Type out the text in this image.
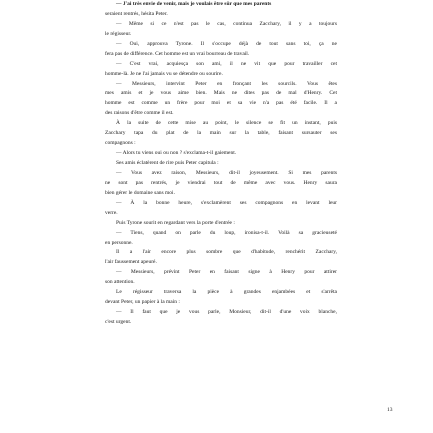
— J'ai très envie de venir, mais je voulais être sûr que mes parents
seraient rentrés, hésita Peter.
— Même si ce n'est pas le cas, continua Zacchary, il y a toujours
le régisseur.
— Oui, approuva Tyrone. Il s'occupe déjà de tout sans toi, ça ne
fera pas de différence. Cet homme est un vrai bourreau de travail.
— C'est vrai, acquiesça son ami, il ne vit que pour travailler cet
homme-là. Je ne l'ai jamais vu se détendre ou sourire.
— Messieurs, intervint Peter en fronçant les sourcils. Vous êtes
mes amis et je vous aime bien. Mais ne dites pas de mal d'Henry. Cet
homme est comme un frère pour moi et sa vie n'a pas été facile. Il a
des raisons d'être comme il est.
À la suite de cette mise au point, le silence se fit un instant, puis
Zacchary tapa du plat de la main sur la table, faisant sursauter ses
compagnons :
— Alors tu viens oui ou non ? s'exclama-t-il gaiement.
Ses amis éclatèrent de rire puis Peter capitula :
— Vous avez raison, Messieurs, dit-il joyeusement. Si mes parents
ne sont pas rentrés, je viendrai tout de même avec vous. Henry saura
bien gérer le domaine sans moi.
— À la bonne heure, s'exclamèrent ses compagnons en levant leur
verre.
Puis Tyrone sourit en regardant vers la porte d'entrée :
— Tiens, quand on parle du loup, ironisa-t-il. Voilà sa gracieuseté
en personne.
Il a l'air encore plus sombre que d'habitude, renchérit Zacchary,
l'air faussement apeuré.
— Messieurs, prévint Peter en faisant signe à Henry pour attirer
son attention.
Le régisseur traversa la pièce à grandes enjambées et s'arrêta
devant Peter, un papier à la main :
— Il faut que je vous parle, Monsieur, dit-il d'une voix blanche,
c'est urgent.
13
